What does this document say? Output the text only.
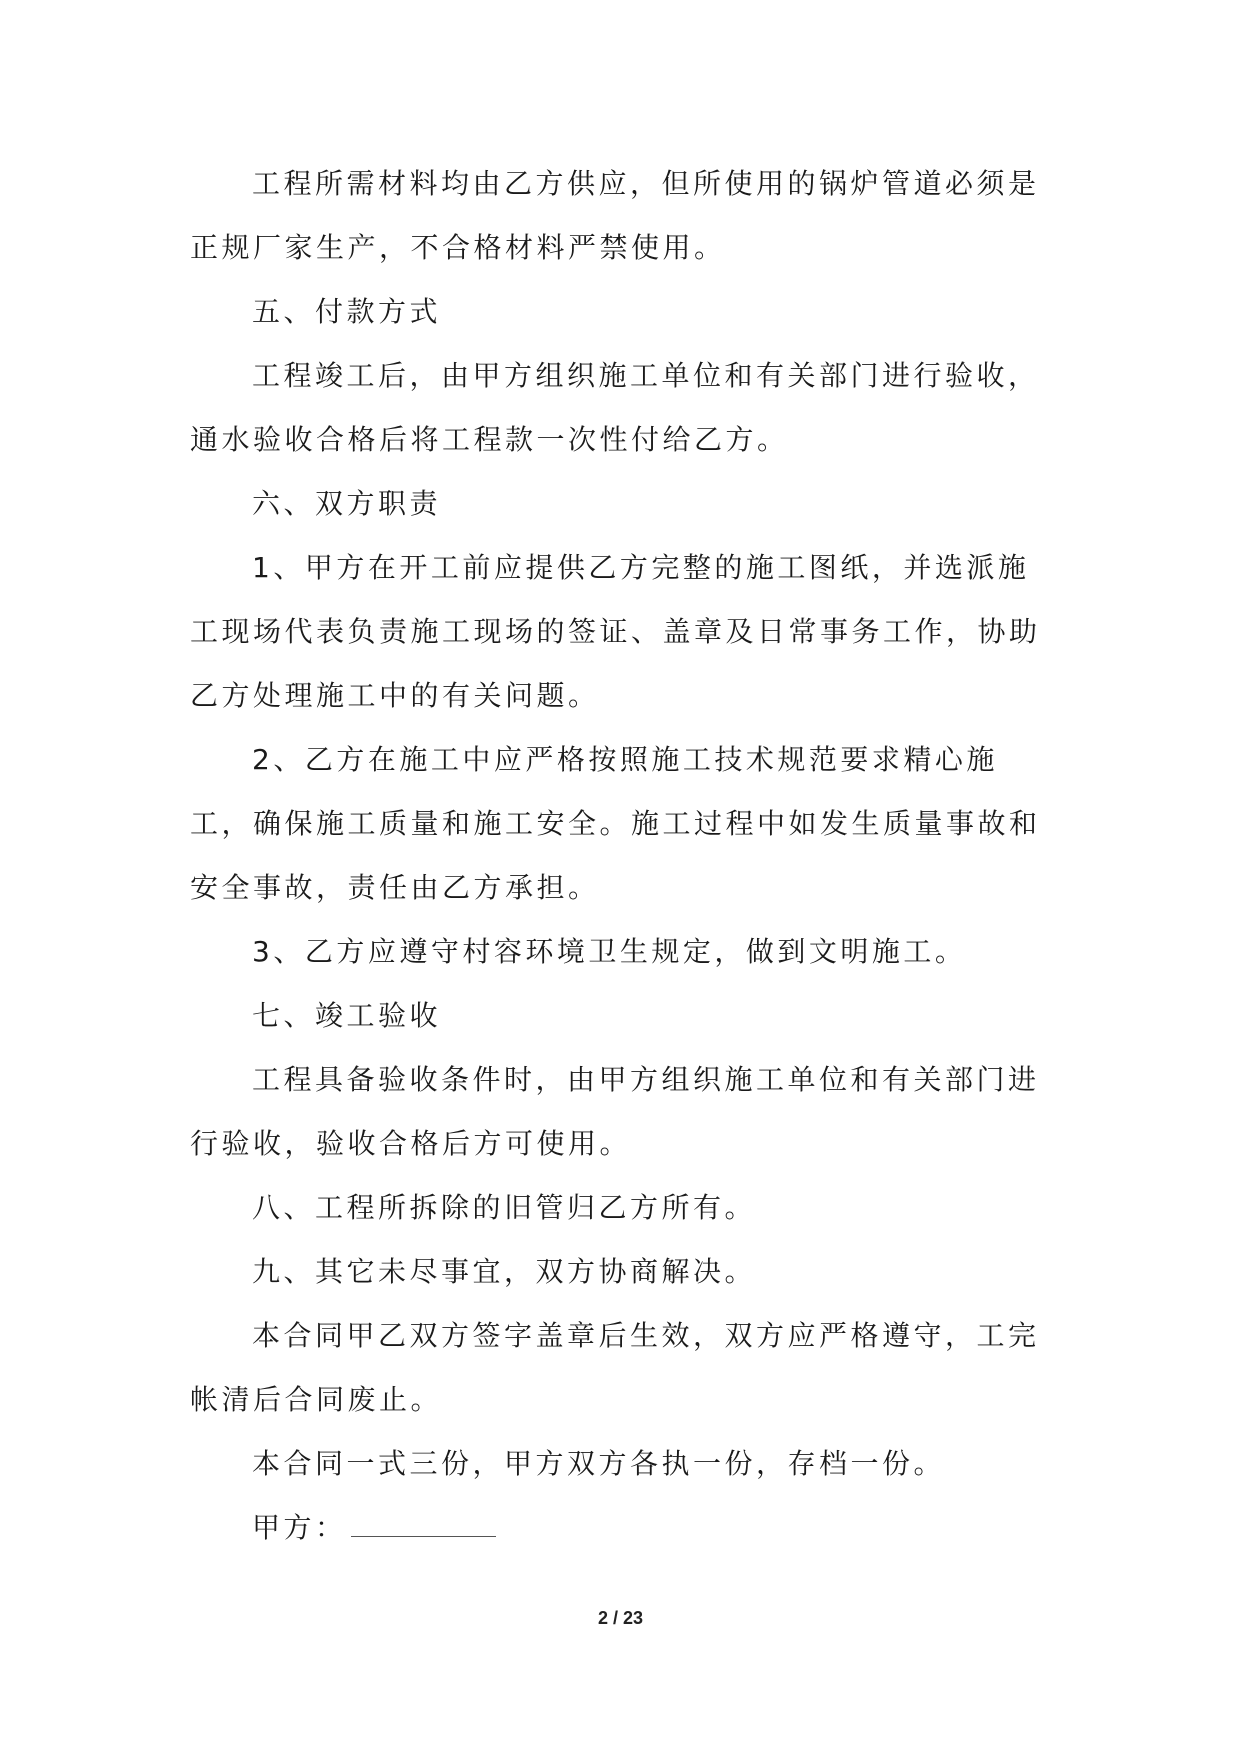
工程所需材料均由乙方供应，但所使用的锅炉管道必须是正规厂家生产，不合格材料严禁使用。

五、付款方式

工程竣工后，由甲方组织施工单位和有关部门进行验收，通水验收合格后将工程款一次性付给乙方。

六、双方职责

1、甲方在开工前应提供乙方完整的施工图纸，并选派施工现场代表负责施工现场的签证、盖章及日常事务工作，协助乙方处理施工中的有关问题。

2、乙方在施工中应严格按照施工技术规范要求精心施工，确保施工质量和施工安全。施工过程中如发生质量事故和安全事故，责任由乙方承担。

3、乙方应遵守村容环境卫生规定，做到文明施工。

七、竣工验收

工程具备验收条件时，由甲方组织施工单位和有关部门进行验收，验收合格后方可使用。

八、工程所拆除的旧管归乙方所有。

九、其它未尽事宜，双方协商解决。

本合同甲乙双方签字盖章后生效，双方应严格遵守，工完帐清后合同废止。

本合同一式三份，甲方双方各执一份，存档一份。

甲方：

2 / 23
